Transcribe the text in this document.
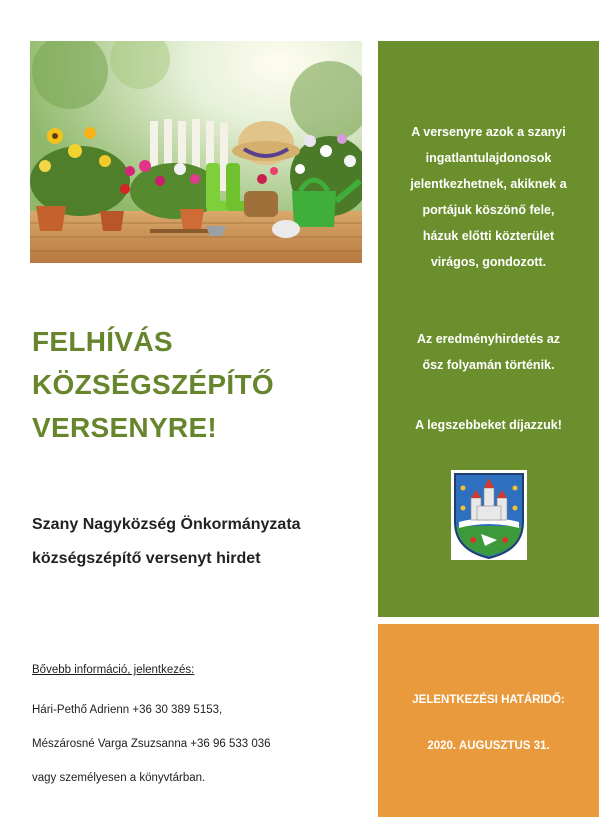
FELHÍVÁS
KÖZSÉGSZÉPÍTŐ
VERSENYRE!
Szany Nagyközség Önkormányzata
községszépítő versenyt hirdet
Bővebb információ, jelentkezés:
Hári-Pethő Adrienn +36 30 389 5153,
Mészárosné Varga Zsuzsanna +36 96 533 036
vagy személyesen a könyvtárban.
A versenyre azok a szanyi
ingatlantulajdonosok
jelentkezhetnek, akiknek a
portájuk köszönő fele,
házuk előtti közterület
virágos, gondozott.
Az eredményhirdetés az
ősz folyamán történik.
A legszebbeket díjazzuk!
JELENTKEZÉSI HATÁRIDŐ:
2020. AUGUSZTUS 31.
